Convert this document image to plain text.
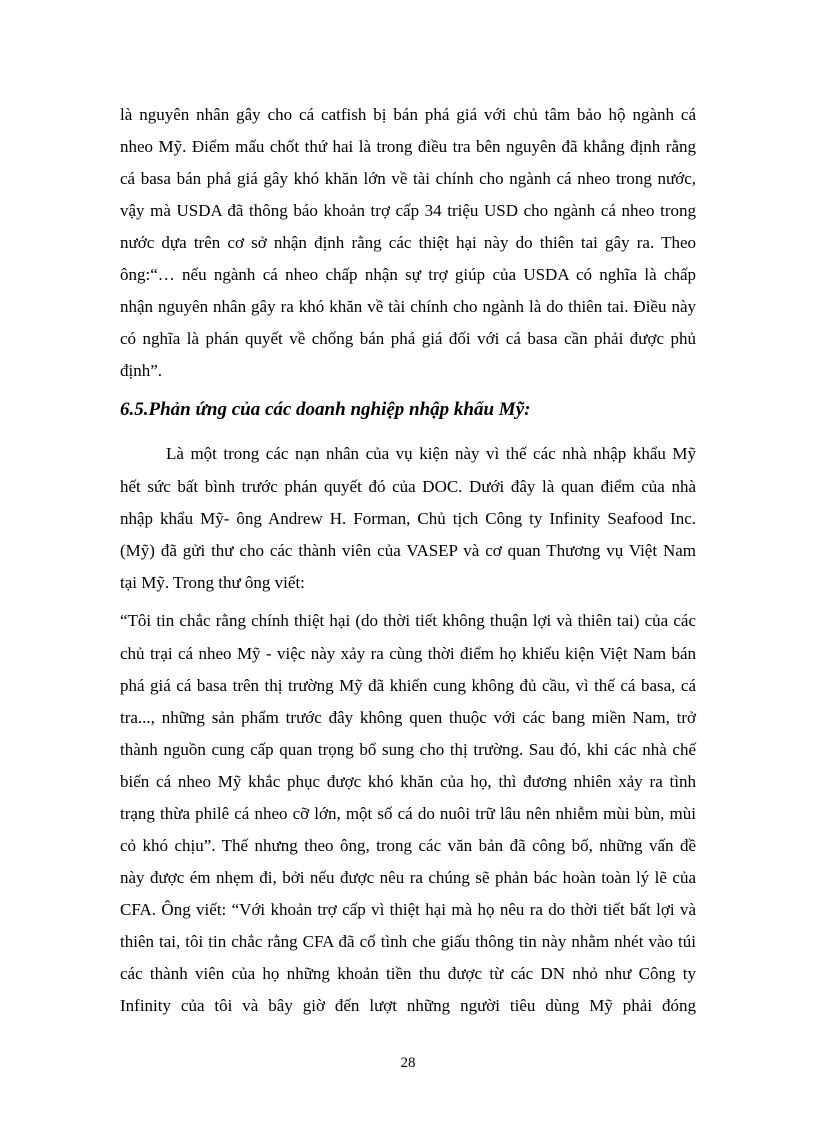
là nguyên nhân gây cho cá catfish bị bán phá giá với chủ tâm bảo hộ ngành cá
nheo Mỹ. Điểm mấu chốt thứ hai là trong điều tra bên nguyên đã khẳng định rằng
cá basa bán phá giá gây khó khăn lớn về tài chính cho ngành cá nheo trong nước,
vậy mà USDA đã thông báo khoản trợ cấp 34 triệu USD cho ngành cá nheo trong
nước dựa trên cơ sở nhận định rằng các thiệt hại này do thiên tai gây ra. Theo
ông:“… nếu ngành cá nheo chấp nhận sự trợ giúp của USDA có nghĩa là chấp
nhận nguyên nhân gây ra khó khăn về tài chính cho ngành là do thiên tai. Điều này
có nghĩa là phán quyết về chống bán phá giá đối với cá basa cần phải được phủ
định”.
6.5.Phản ứng của các doanh nghiệp nhập khẩu Mỹ:
Là một trong các nạn nhân của vụ kiện này vì thế các nhà nhập khẩu Mỹ
hết sức bất bình trước phán quyết đó của DOC. Dưới đây là quan điểm của nhà
nhập khẩu Mỹ- ông Andrew H. Forman, Chủ tịch Công ty Infinity Seafood Inc.
(Mỹ) đã gửi thư cho các thành viên của VASEP và cơ quan Thương vụ Việt Nam
tại Mỹ. Trong thư ông viết:
“Tôi tin chắc rằng chính thiệt hại (do thời tiết không thuận lợi và thiên tai) của các
chủ trại cá nheo Mỹ - việc này xảy ra cùng thời điểm họ khiếu kiện Việt Nam bán
phá giá cá basa trên thị trường Mỹ đã khiến cung không đủ cầu, vì thế cá basa, cá
tra..., những sản phẩm trước đây không quen thuộc với các bang miền Nam, trở
thành nguồn cung cấp quan trọng bổ sung cho thị trường. Sau đó, khi các nhà chế
biến cá nheo Mỹ khắc phục được khó khăn của họ, thì đương nhiên xảy ra tình
trạng thừa philê cá nheo cỡ lớn, một số cá do nuôi trữ lâu nên nhiễm mùi bùn, mùi
cỏ khó chịu”. Thế nhưng theo ông, trong các văn bản đã công bố, những vấn đề
này được ém nhẹm đi, bởi nếu được nêu ra chúng sẽ phản bác hoàn toàn lý lẽ của
CFA. Ông viết: “Với khoản trợ cấp vì thiệt hại mà họ nêu ra do thời tiết bất lợi và
thiên tai, tôi tin chắc rằng CFA đã cố tình che giấu thông tin này nhằm nhét vào túi
các thành viên của họ những khoản tiền thu được từ các DN nhỏ như Công ty
Infinity của tôi và bây giờ đến lượt những người tiêu dùng Mỹ phải đóng
28
